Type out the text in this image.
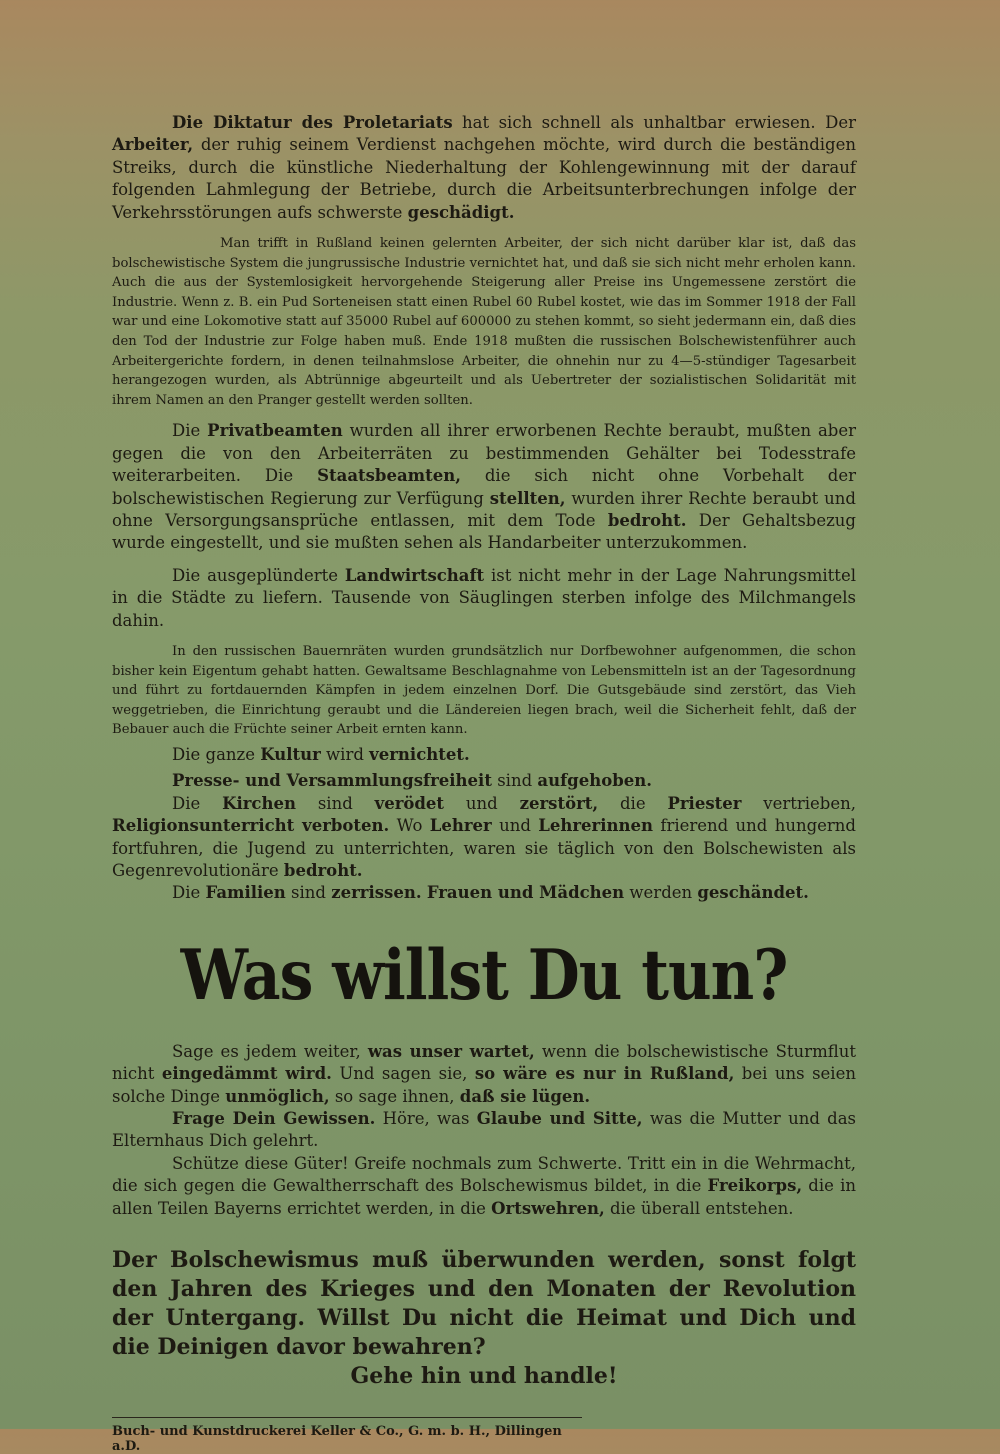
Die Diktatur des Proletariats hat sich schnell als unhaltbar erwiesen. Der Arbeiter, der ruhig seinem Verdienst nachgehen möchte, wird durch die beständigen Streiks, durch die künstliche Niederhaltung der Kohlengewinnung mit der darauf folgenden Lahmlegung der Betriebe, durch die Arbeitsunterbrechungen infolge der Verkehrsstörungen aufs schwerste geschädigt.

Man trifft in Rußland keinen gelernten Arbeiter, der sich nicht darüber klar ist, daß das bolschewistische System die jungrussische Industrie vernichtet hat, und daß sie sich nicht mehr erholen kann. Auch die aus der Systemlosigkeit hervorgehende Steigerung aller Preise ins Ungemessene zerstört die Industrie. Wenn z. B. ein Pud Sorteneisen statt einen Rubel 60 Rubel kostet, wie das im Sommer 1918 der Fall war und eine Lokomotive statt auf 35000 Rubel auf 600000 zu stehen kommt, so sieht jedermann ein, daß dies den Tod der Industrie zur Folge haben muß. Ende 1918 mußten die russischen Bolschewistenführer auch Arbeitergerichte fordern, in denen teilnahmslose Arbeiter, die ohnehin nur zu 4—5-stündiger Tagesarbeit herangezogen wurden, als Abtrünnige abgeurteilt und als Uebertreter der sozialistischen Solidarität mit ihrem Namen an den Pranger gestellt werden sollten.

Die Privatbeamten wurden all ihrer erworbenen Rechte beraubt, mußten aber gegen die von den Arbeiterräten zu bestimmenden Gehälter bei Todesstrafe weiterarbeiten. Die Staatsbeamten, die sich nicht ohne Vorbehalt der bolschewistischen Regierung zur Verfügung stellten, wurden ihrer Rechte beraubt und ohne Versorgungsansprüche entlassen, mit dem Tode bedroht. Der Gehaltsbezug wurde eingestellt, und sie mußten sehen als Handarbeiter unterzukommen.

Die ausgeplünderte Landwirtschaft ist nicht mehr in der Lage Nahrungsmittel in die Städte zu liefern. Tausende von Säuglingen sterben infolge des Milchmangels dahin.

In den russischen Bauernräten wurden grundsätzlich nur Dorfbewohner aufgenommen, die schon bisher kein Eigentum gehabt hatten. Gewaltsame Beschlagnahme von Lebensmitteln ist an der Tagesordnung und führt zu fortdauernden Kämpfen in jedem einzelnen Dorf. Die Gutsgebäude sind zerstört, das Vieh weggetrieben, die Einrichtung geraubt und die Ländereien liegen brach, weil die Sicherheit fehlt, daß der Bebauer auch die Früchte seiner Arbeit ernten kann.

Die ganze Kultur wird vernichtet.

Presse- und Versammlungsfreiheit sind aufgehoben.

Die Kirchen sind verödet und zerstört, die Priester vertrieben, Religionsunterricht verboten. Wo Lehrer und Lehrerinnen frierend und hungernd fortfuhren, die Jugend zu unterrichten, waren sie täglich von den Bolschewisten als Gegenrevolutionäre bedroht.

Die Familien sind zerrissen. Frauen und Mädchen werden geschändet.

Was willst Du tun?

Sage es jedem weiter, was unser wartet, wenn die bolschewistische Sturmflut nicht eingedämmt wird. Und sagen sie, so wäre es nur in Rußland, bei uns seien solche Dinge unmöglich, so sage ihnen, daß sie lügen.

Frage Dein Gewissen. Höre, was Glaube und Sitte, was die Mutter und das Elternhaus Dich gelehrt.

Schütze diese Güter! Greife nochmals zum Schwerte. Tritt ein in die Wehrmacht, die sich gegen die Gewaltherrschaft des Bolschewismus bildet, in die Freikorps, die in allen Teilen Bayerns errichtet werden, in die Ortswehren, die überall entstehen.

Der Bolschewismus muß überwunden werden, sonst folgt den Jahren des Krieges und den Monaten der Revolution der Untergang. Willst Du nicht die Heimat und Dich und die Deinigen davor bewahren?
Gehe hin und handle!
Buch- und Kunstdruckerei Keller & Co., G. m. b. H., Dillingen a.D.
